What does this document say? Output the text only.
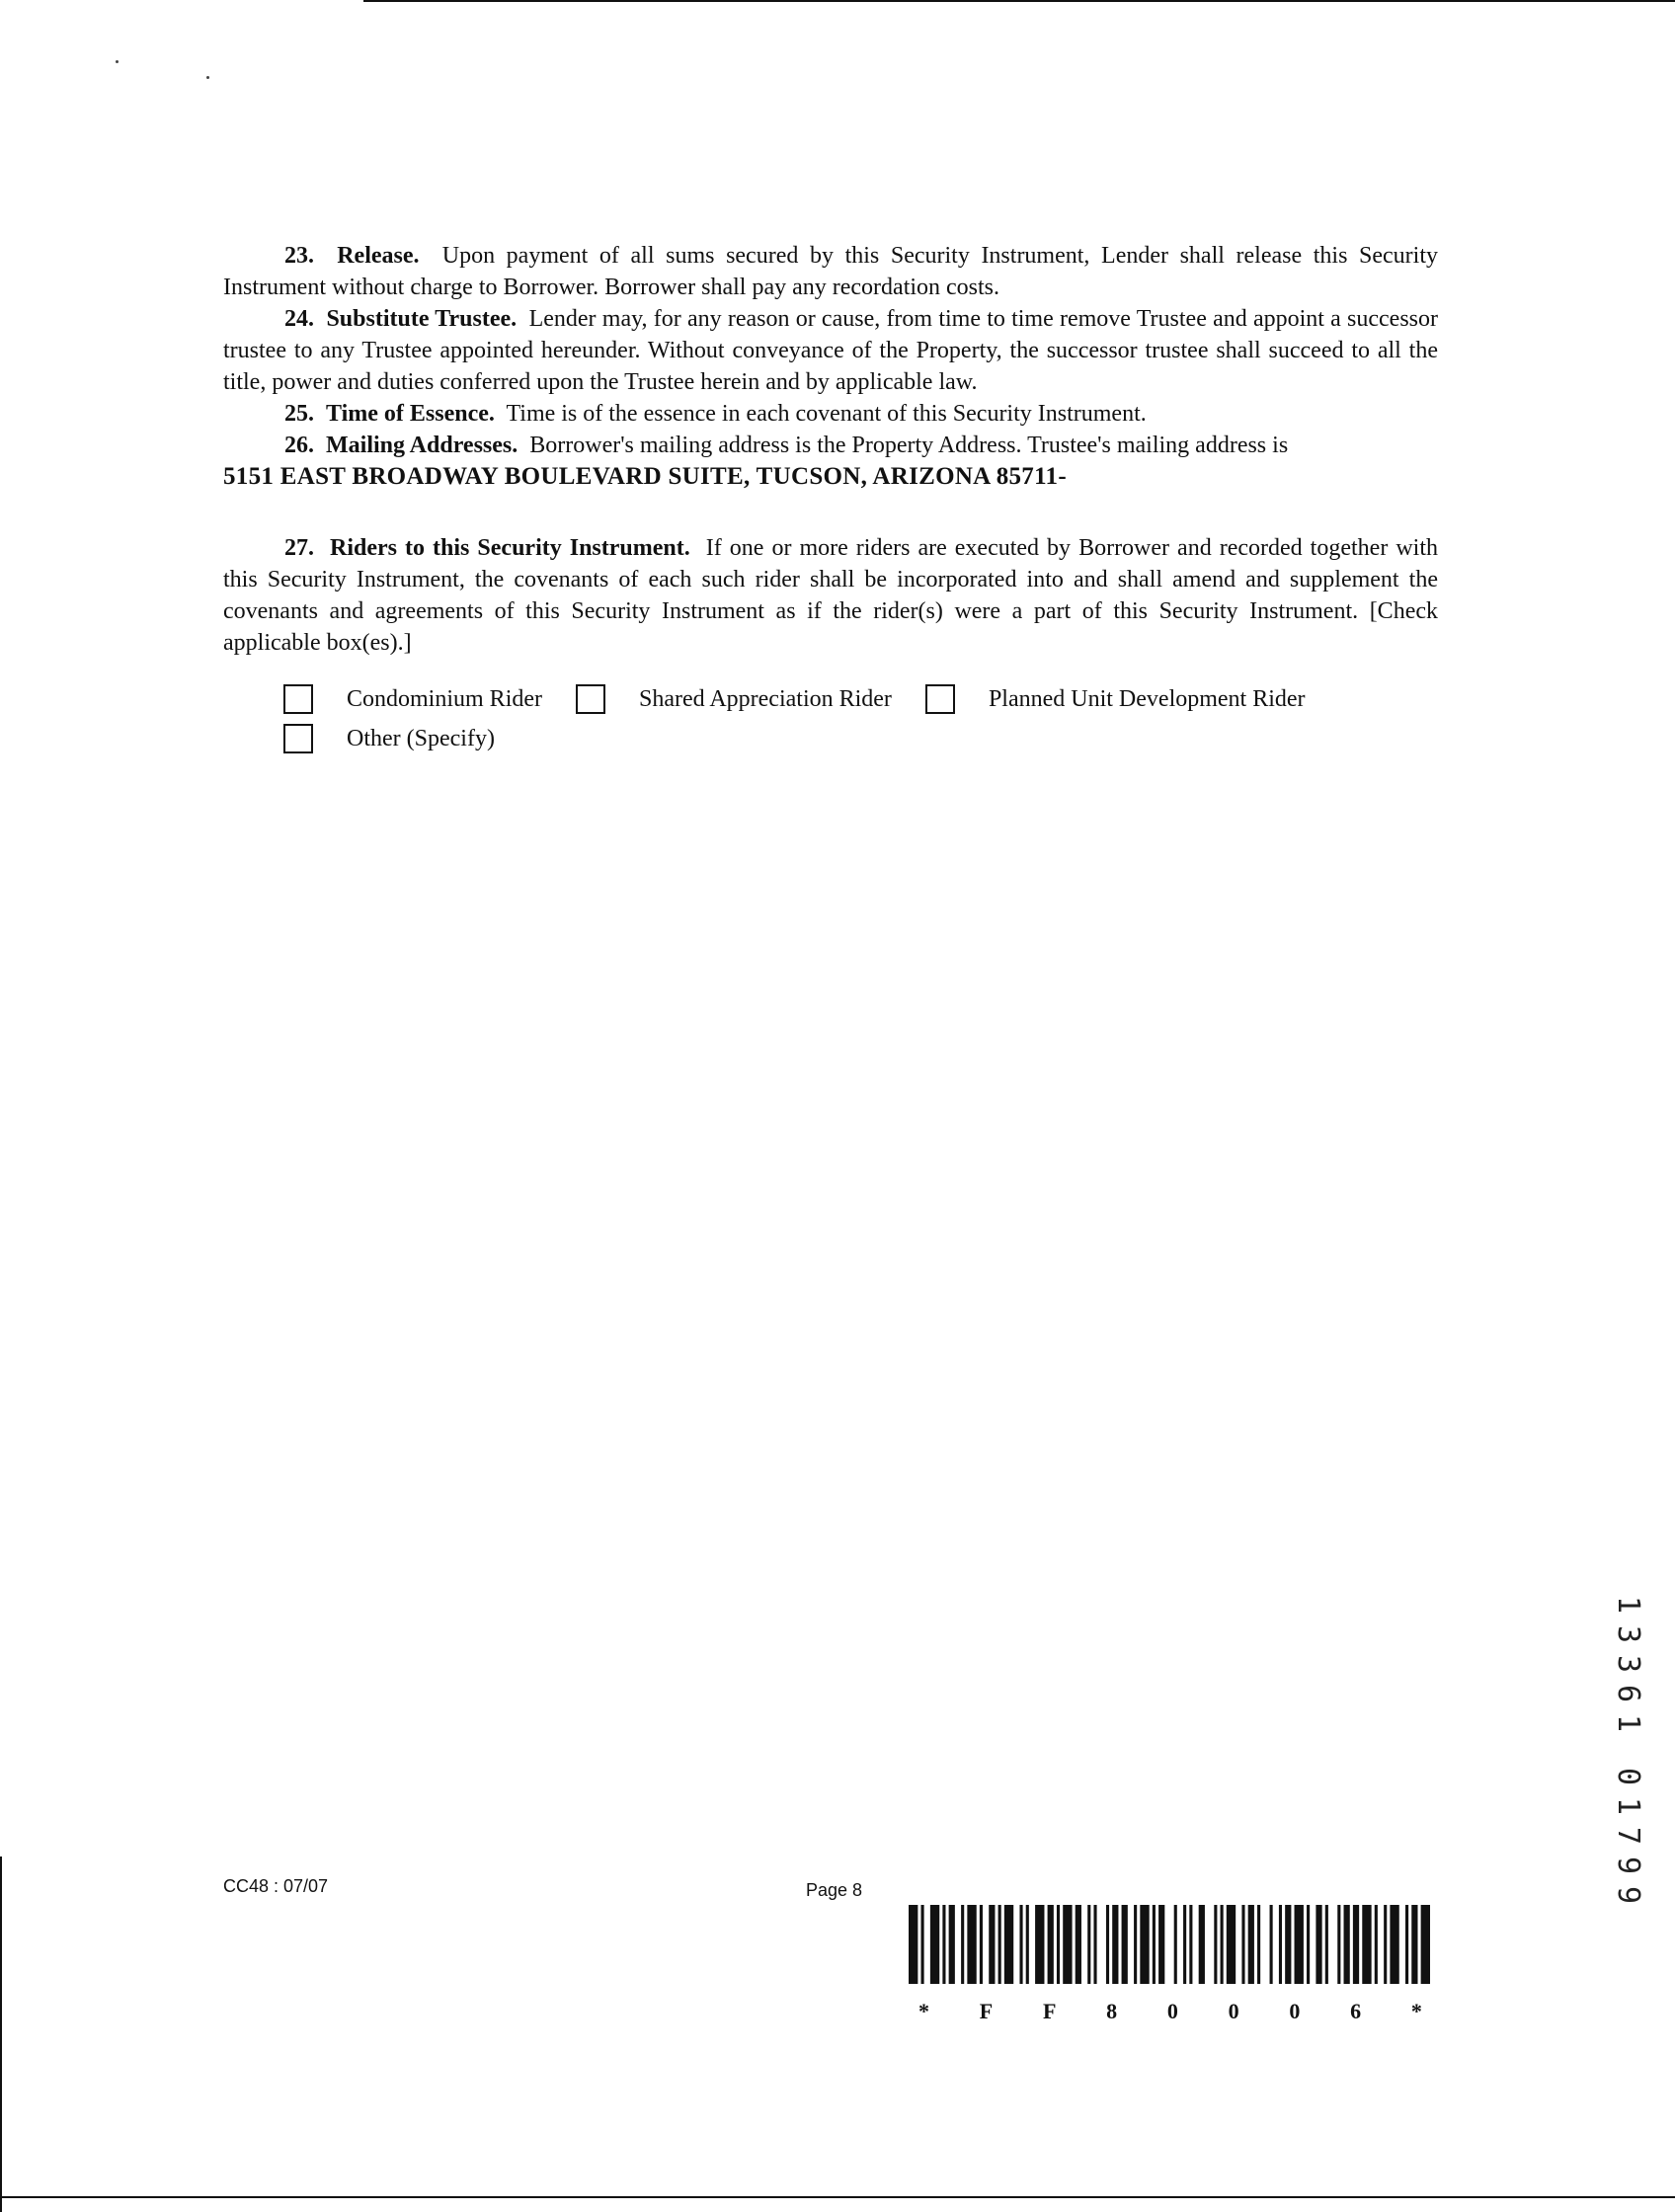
23. Release. Upon payment of all sums secured by this Security Instrument, Lender shall release this Security Instrument without charge to Borrower. Borrower shall pay any recordation costs.

24. Substitute Trustee. Lender may, for any reason or cause, from time to time remove Trustee and appoint a successor trustee to any Trustee appointed hereunder. Without conveyance of the Property, the successor trustee shall succeed to all the title, power and duties conferred upon the Trustee herein and by applicable law.

25. Time of Essence. Time is of the essence in each covenant of this Security Instrument.

26. Mailing Addresses. Borrower's mailing address is the Property Address. Trustee's mailing address is

5151 EAST BROADWAY BOULEVARD SUITE, TUCSON, ARIZONA 85711-

27. Riders to this Security Instrument. If one or more riders are executed by Borrower and recorded together with this Security Instrument, the covenants of each such rider shall be incorporated into and shall amend and supplement the covenants and agreements of this Security Instrument as if the rider(s) were a part of this Security Instrument. [Check applicable box(es).]

Condominium Rider	Shared Appreciation Rider	Planned Unit Development Rider
Other (Specify)
CC48 : 07/07	Page 8
* F F 8 0 0 0 6 *
1
3
3
6
1
0
1
7
9
9
